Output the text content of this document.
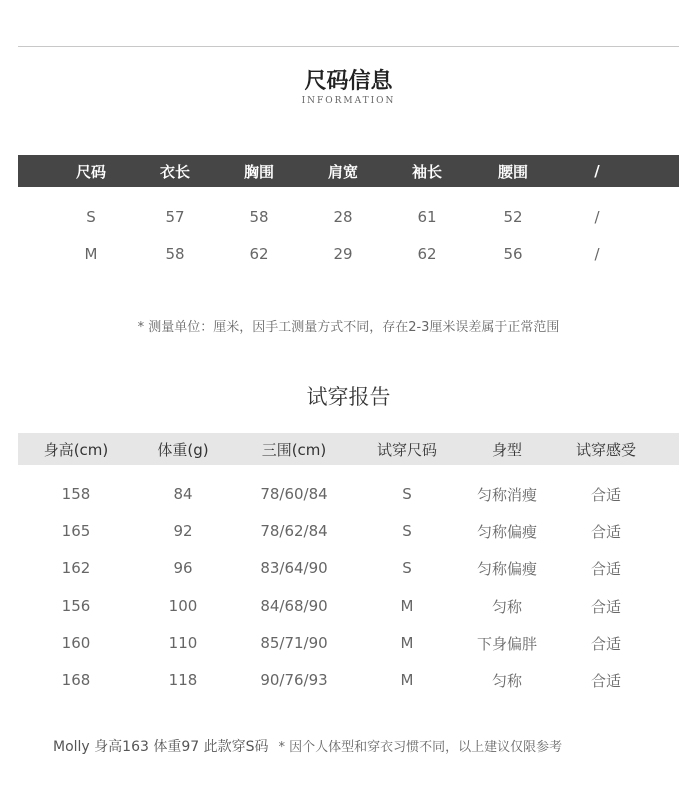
尺码信息
INFORMATION
尺码	衣长	胸围	肩宽	袖长	腰围	/
S	57	58	28	61	52	/
M	58	62	29	62	56	/
* 测量单位：厘米，因手工测量方式不同，存在2-3厘米误差属于正常范围
试穿报告
身高(cm)	体重(g)	三围(cm)	试穿尺码	身型	试穿感受
158	84	78/60/84	S	匀称消瘦	合适
165	92	78/62/84	S	匀称偏瘦	合适
162	96	83/64/90	S	匀称偏瘦	合适
156	100	84/68/90	M	匀称	合适
160	110	85/71/90	M	下身偏胖	合适
168	118	90/76/93	M	匀称	合适
Molly 身高163 体重97 此款穿S码 * 因个人体型和穿衣习惯不同，以上建议仅限参考
